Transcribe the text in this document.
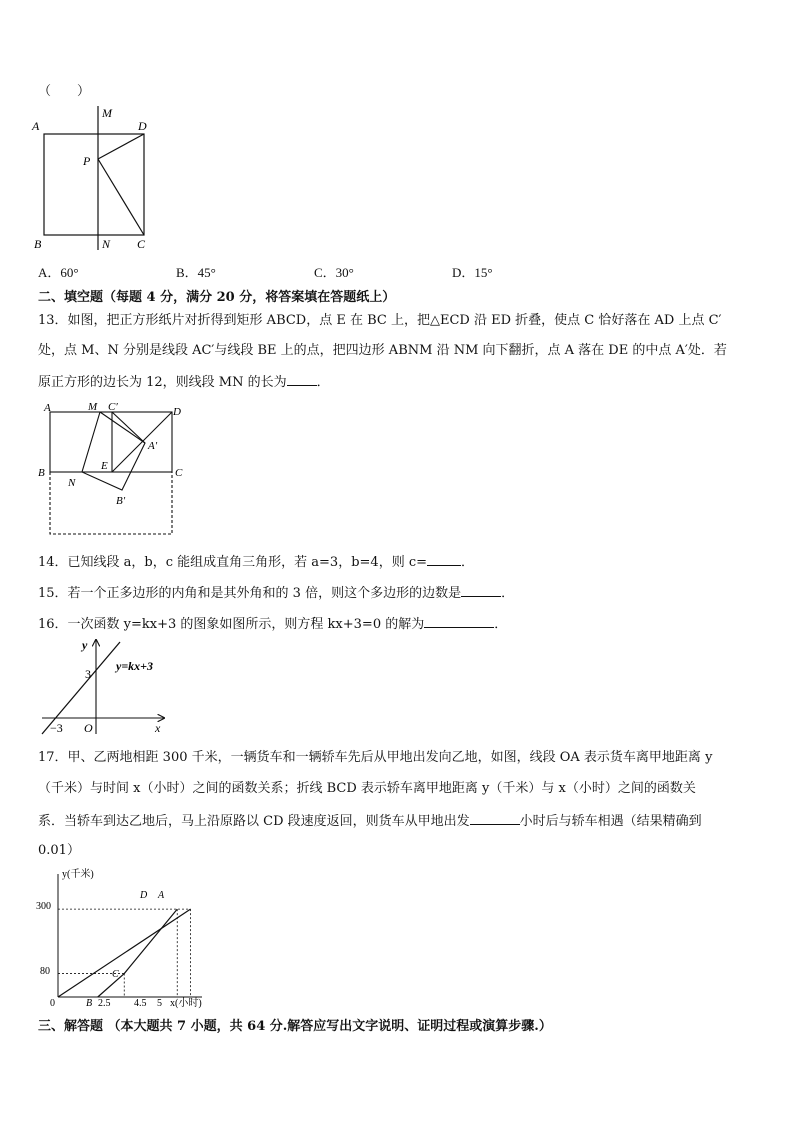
（　　）
A	D
M
P
B	N C
A．60°	B．45°	C．30°	D．15°
二、填空题（每题 4 分，满分 20 分，将答案填在答题纸上）
13．如图，把正方形纸片对折得到矩形 ABCD，点 E 在 BC 上，把△ECD 沿 ED 折叠，使点 C 恰好落在 AD 上点 C′
处，点 M、N 分别是线段 AC′与线段 BE 上的点，把四边形 ABNM 沿 NM 向下翻折，点 A 落在 DE 的中点 A′处．若
原正方形的边长为 12，则线段 MN 的长为 ．
A	M C′	D
A′
E
B
N
C
B′
14．已知线段 a，b，c 能组成直角三角形，若 a=3，b=4，则 c=	．
15．若一个正多边形的内角和是其外角和的 3 倍，则这个多边形的边数是	．
16．一次函数 y=kx+3 的图象如图所示，则方程 kx+3=0 的解为	．
y
x
O
3
−3
y=kx+3
17．甲、乙两地相距 300 千米，一辆货车和一辆轿车先后从甲地出发向乙地，如图，线段 OA 表示货车离甲地距离 y
（千米）与时间 x（小时）之间的函数关系；折线 BCD 表示轿车离甲地距离 y（千米）与 x（小时）之间的函数关
系．当轿车到达乙地后，马上沿原路以 CD 段速度返回，则货车从甲地出发	小时后与轿车相遇（结果精确到
0.01）
y(千米)
x(小时)
300
80
0	B
C
D A
2.5 4.5 5
三、解答题 （本大题共 7 小题，共 64 分.解答应写出文字说明、证明过程或演算步骤.）
